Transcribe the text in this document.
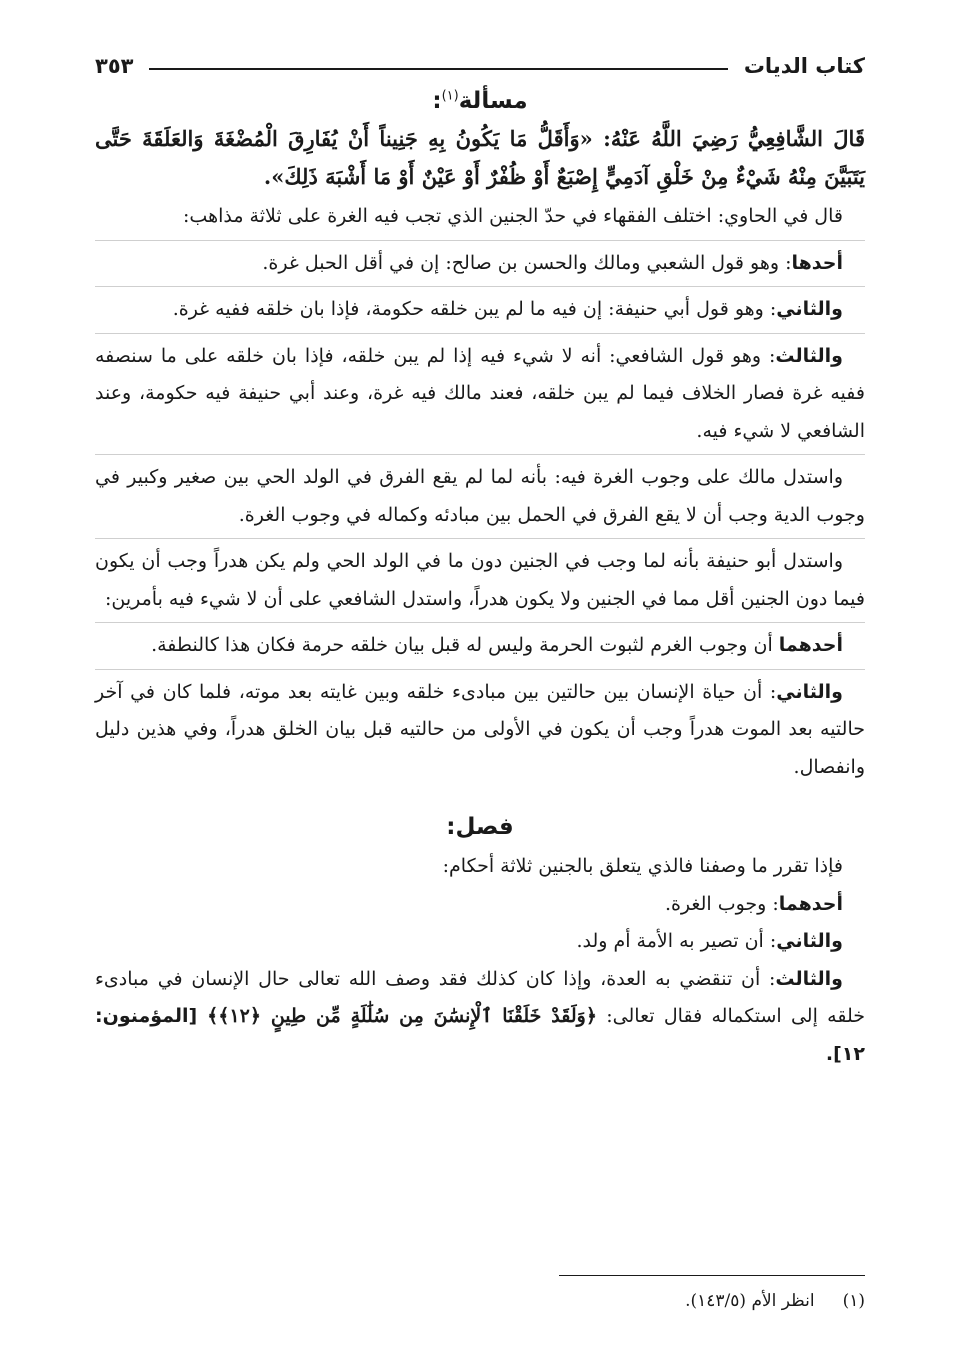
كتاب الديات
٣٥٣
مسألة$^{(١)}$:

قَالَ الشَّافِعِيُّ رَضِيَ اللَّهُ عَنْهُ: «وَأَقَلُّ مَا يَكُونُ بِهِ جَنِيناً أَنْ يُفَارِقَ الْمُضْغَةَ وَالعَلَقَةَ حَتَّى يَتَبَيَّنَ مِنْهُ شَيْءٌ مِنْ خَلْقِ آدَمِيٍّ إِصْبَعٌ أَوْ ظُفْرٌ أَوْ عَيْنٌ أَوْ مَا أَشْبَهَ ذَلِكَ».

قال في الحاوي: اختلف الفقهاء في حدّ الجنين الذي تجب فيه الغرة على ثلاثة مذاهب:

أحدها: وهو قول الشعبي ومالك والحسن بن صالح: إن في أقل الحبل غرة.

والثاني: وهو قول أبي حنيفة: إن فيه ما لم يبن خلقه حكومة، فإذا بان خلقه ففيه غرة.

والثالث: وهو قول الشافعي: أنه لا شيء فيه إذا لم يبن خلقه، فإذا بان خلقه على ما سنصفه ففيه غرة فصار الخلاف فيما لم يبن خلقه، فعند مالك فيه غرة، وعند أبي حنيفة فيه حكومة، وعند الشافعي لا شيء فيه.

واستدل مالك على وجوب الغرة فيه: بأنه لما لم يقع الفرق في الولد الحي بين صغير وكبير في وجوب الدية وجب أن لا يقع الفرق في الحمل بين مبادئه وكماله في وجوب الغرة.

واستدل أبو حنيفة بأنه لما وجب في الجنين دون ما في الولد الحي ولم يكن هدراً وجب أن يكون فيما دون الجنين أقل مما في الجنين ولا يكون هدراً، واستدل الشافعي على أن لا شيء فيه بأمرين:

أحدهما أن وجوب الغرم لثبوت الحرمة وليس له قبل بيان خلقه حرمة فكان هذا كالنطفة.

والثاني: أن حياة الإنسان بين حالتين بين مبادىء خلقه وبين غايته بعد موته، فلما كان في آخر حالتيه بعد الموت هدراً وجب أن يكون في الأولى من حالتيه قبل بيان الخلق هدراً، وفي هذين دليل وانفصال.

فصل:

فإذا تقرر ما وصفنا فالذي يتعلق بالجنين ثلاثة أحكام:

أحدهما: وجوب الغرة.

والثاني: أن تصير به الأمة أم ولد.

والثالث: أن تنقضي به العدة، وإذا كان كذلك فقد وصف الله تعالى حال الإنسان في مبادىء خلقه إلى استكماله فقال تعالى: ﴿وَلَقَدْ خَلَقْنَا ٱلْإِنسَٰنَ مِن سُلَٰلَةٍ مِّن طِينٍ ﴿١٢﴾﴾ [المؤمنون: ١٢].

(١)انظر الأم (١٤٣/٥).
